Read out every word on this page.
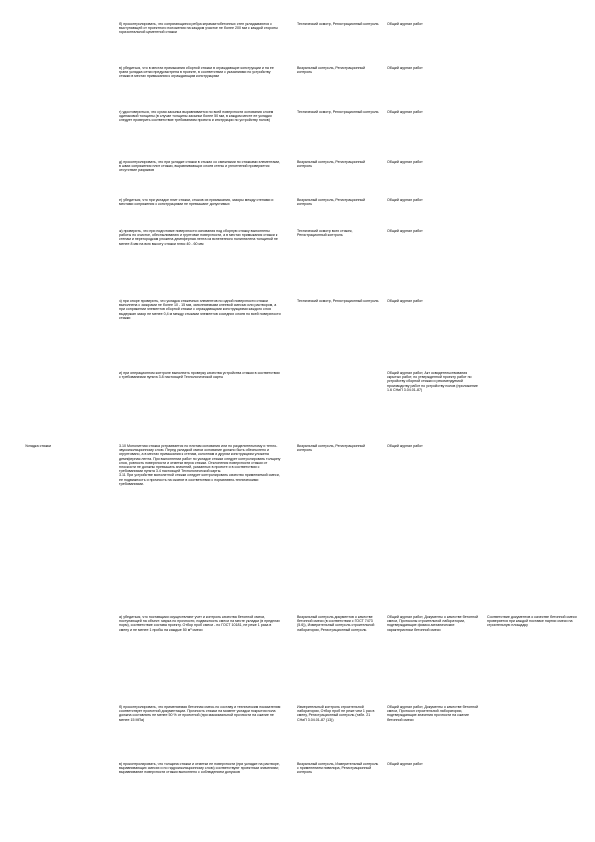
б) проконтролировать, что сопрягающиеся ребра керамзитобетонных стен укладываются с выступающей от проектного положения на каждом участке не более 200 мм с каждой стороны горизонтальной цементной стяжки
Технический осмотр, Регистрационный контроль Общий журнал работ
в) убедиться, что в местах примыкания сборной стяжки в ограждающие конструкции и на ее грани укладка сетки предусмотрена в проекте, в соответствии с указаниями по устройству стяжки в местах примыкания к ограждающим конструкциям
Визуальный контроль, Регистрационный контроль
Общий журнал работ
г) удостовериться, что сухая засыпка выравнивается по всей поверхности основания слоем одинаковой толщины (в случае толщины засыпки более 50 мм, в каждом месте ее укладки следует проверить соответствие требованиям проекта и инструкции по устройству полов)
Технический осмотр, Регистрационный контроль Общий журнал работ
д) проконтролировать, что при укладке стяжки в стыках со смежными по стяжками элементами, в швах сопряжения плит стяжки, выравнивающих слоев стены и уплотнений проверяется отсутствие разрывов
Визуальный контроль, Регистрационный контроль
Общий журнал работ
е) убедиться, что при укладке плит стяжки, стыков их примыкания, зазоры между стенами и местами сопряжения с конструкциями не превышают допустимых
Визуальный контроль, Регистрационный контроль
Общий журнал работ
ж) проверить, что при подготовке поверхности основания под сборную стяжку выполнены работы по очистке, обеспыливанию и грунтовке поверхности, а в местах примыкания стяжки к стенам и перегородкам уложена демпферная лента из вспененного полиэтилена толщиной не менее 8 мм на всю высоту стяжки плюс 40 - 60 мм
Технический осмотр всех стяжек, Регистрационный контроль
Общий журнал работ
з) при опоре проверить, что укладка стяжечных элементов по одной поверхности стяжки выполнена с зазорами не более 10 - 15 мм, заполняемыми клеевой смесью или раствором, а при сопряжении элементов сборной стяжки с ограждающими конструкциями каждого слоя выдержан зазор не менее 0,4 м между стыками элементов соседних слоев по всей поверхности стяжки
Технический осмотр, Регистрационный контроль Общий журнал работ
и) при операционном контроле выполнить проверку качества устройства стяжки в соответствии с требованиями пункта 3.8 настоящей Технологической карты
Общий журнал работ, Акт освидетельствования скрытых работ, по утвержденной проекту работ по устройству сборной стяжки и рекомендуемой производству работ по устройству полов (приложение 1.6 СНиП 3.04.01-87)
Укладка стяжки	3.10 Монолитная стяжка устраивается по плитам основания или по разделительному и тепло-звукоизоляционному слою. Перед укладкой смеси основание должно быть обеспылено и огрунтовано, а в местах примыкания к стенам, колоннам и другим конструкциям уложена демпферная лента. При выполнении работ по укладке стяжки следует контролировать толщину слоя, ровность поверхности и отметки верха стяжки. Отклонения поверхности стяжки от плоскости не должны превышать значений, указанных в проекте и в соответствии с требованиями пункта 3.4 настоящей Технологической карты.
3.11 При устройстве монолитной стяжки следует контролировать качество применяемой смеси, ее подвижность и прочность на сжатие в соответствии с нормативно-техническими требованиями.
Визуальный контроль, Регистрационный контроль
Общий журнал работ
а) убедиться, что поставщики осуществляют учет и контроль качества бетонной смеси, поступающей на объект: марка по прочности, подвижность смеси на месте укладки (в пределах норм), соответствие состава проекту. Отбор проб смеси - по ГОСТ 10181, не реже 1 раза в смену и не менее 1 пробы на каждые 50 м³ смеси
Визуальный контроль документов о качестве бетонной смеси (в соответствии с ГОСТ 7473 (5.6)), Измерительный контроль строительной лаборатории, Регистрационный контроль
Общий журнал работ, Документы о качестве бетонной смеси, Протоколы строительной лаборатории, подтверждающие физико-механические характеристики бетонной смеси
Соответствие документов о качестве бетонной смеси проверяется при каждой поставке партии смеси на строительную площадку
б) проконтролировать, что применяемая бетонная смесь по составу и техническим показателям соответствует проектной документации. Прочность стяжки на момент укладки покрытия пола должна составлять не менее 50 % от проектной (при максимальной прочности на сжатие не менее 15 МПа)
Измерительный контроль строительной лаборатории, Отбор проб не реже чем 1 раз в смену, Регистрационный контроль (табл. 21 СНиП 3.04.01-87 (13))
Общий журнал работ, Документы о качестве бетонной смеси, Протокол строительной лаборатории, подтверждающие значения прочности на сжатие бетонной смеси
в) проконтролировать, что толщина стяжки и отметки ее поверхности (при укладке на растворе, выравнивающих смесях и по гидроизоляционному слою) соответствуют проектным значениям; выравнивание поверхности стяжки выполнено с соблюдением допусков
Визуальный контроль, Измерительный контроль с применением нивелира, Регистрационный контроль
Общий журнал работ
